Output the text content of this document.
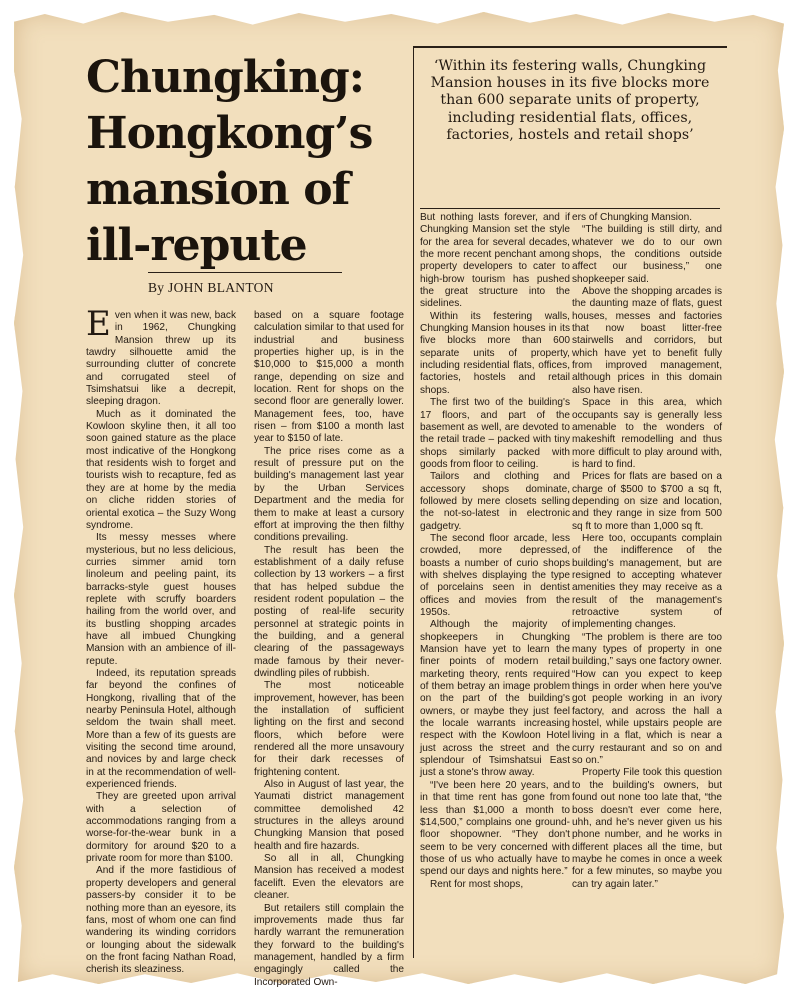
Chungking: Hongkong’s mansion of ill-repute

By JOHN BLANTON

‘Within its festering walls, Chungking Mansion houses in its five blocks more than 600 separate units of property, including residential flats, offices, factories, hostels and retail shops’

Even when it was new, back in 1962, Chungking Mansion threw up its tawdry silhouette amid the surrounding clutter of concrete and corrugated steel of Tsimshatsui like a decrepit, sleeping dragon.

Much as it dominated the Kowloon skyline then, it all too soon gained stature as the place most indicative of the Hongkong that residents wish to forget and tourists wish to recapture, fed as they are at home by the media on cliche ridden stories of oriental exotica – the Suzy Wong syndrome.

Its messy messes where mysterious, but no less delicious, curries simmer amid torn linoleum and peeling paint, its barracks-style guest houses replete with scruffy boarders hailing from the world over, and its bustling shopping arcades have all imbued Chungking Mansion with an ambience of ill-repute.

Indeed, its reputation spreads far beyond the confines of Hongkong, rivalling that of the nearby Peninsula Hotel, although seldom the twain shall meet. More than a few of its guests are visiting the second time around, and novices by and large check in at the recommendation of well-experienced friends.

They are greeted upon arrival with a selection of accommodations ranging from a worse-for-the-wear bunk in a dormitory for around $20 to a private room for more than $100.

And if the more fastidious of property developers and general passers-by consider it to be nothing more than an eyesore, its fans, most of whom one can find wandering its winding corridors or lounging about the sidewalk on the front facing Nathan Road, cherish its sleaziness.

based on a square footage calculation similar to that used for industrial and business properties higher up, is in the $10,000 to $15,000 a month range, depending on size and location. Rent for shops on the second floor are generally lower. Management fees, too, have risen – from $100 a month last year to $150 of late.

The price rises come as a result of pressure put on the building's management last year by the Urban Services Department and the media for them to make at least a cursory effort at improving the then filthy conditions prevailing.

The result has been the establishment of a daily refuse collection by 13 workers – a first that has helped subdue the resident rodent population – the posting of real-life security personnel at strategic points in the building, and a general clearing of the passageways made famous by their never-dwindling piles of rubbish.

The most noticeable improvement, however, has been the installation of sufficient lighting on the first and second floors, which before were rendered all the more unsavoury for their dark recesses of frightening content.

Also in August of last year, the Yaumati district management committee demolished 42 structures in the alleys around Chungking Mansion that posed health and fire hazards.

So all in all, Chungking Mansion has received a modest facelift. Even the elevators are cleaner.

But retailers still complain the improvements made thus far hardly warrant the remuneration they forward to the building's management, handled by a firm engagingly called the Incorporated Own-

But nothing lasts forever, and if Chungking Mansion set the style for the area for several decades, the more recent penchant among property developers to cater to high-brow tourism has pushed the great structure into the sidelines.

Within its festering walls, Chungking Mansion houses in its five blocks more than 600 separate units of property, including residential flats, offices, factories, hostels and retail shops.

The first two of the building's 17 floors, and part of the basement as well, are devoted to the retail trade – packed with tiny shops similarly packed with goods from floor to ceiling.

Tailors and clothing and accessory shops dominate, followed by mere closets selling the not-so-latest in electronic gadgetry.

The second floor arcade, less crowded, more depressed, boasts a number of curio shops with shelves displaying the type of porcelains seen in dentist offices and movies from the 1950s.

Although the majority of shopkeepers in Chungking Mansion have yet to learn the finer points of modern retail marketing theory, rents required of them betray an image problem on the part of the building's owners, or maybe they just feel the locale warrants increasing respect with the Kowloon Hotel just across the street and the splendour of Tsimshatsui East just a stone's throw away.

“I've been here 20 years, and in that time rent has gone from less than $1,000 a month to $14,500,” complains one ground-floor shopowner. “They don't seem to be very concerned with those of us who actually have to spend our days and nights here.”

Rent for most shops,

ers of Chungking Mansion.

“The building is still dirty, and whatever we do to our own shops, the conditions outside affect our business,” one shopkeeper said.

Above the shopping arcades is the daunting maze of flats, guest houses, messes and factories that now boast litter-free stairwells and corridors, but which have yet to benefit fully from improved management, although prices in this domain also have risen.

Space in this area, which occupants say is generally less amenable to the wonders of makeshift remodelling and thus more difficult to play around with, is hard to find.

Prices for flats are based on a charge of $500 to $700 a sq ft, depending on size and location, and they range in size from 500 sq ft to more than 1,000 sq ft.

Here too, occupants complain of the indifference of the building's management, but are resigned to accepting whatever amenities they may receive as a result of the management's retroactive system of implementing changes.

“The problem is there are too many types of property in one building,” says one factory owner. “How can you expect to keep things in order when here you've got people working in an ivory factory, and across the hall a hostel, while upstairs people are living in a flat, which is near a curry restaurant and so on and so on.”

Property File took this question to the building's owners, but found out none too late that, “the boss doesn't ever come here, uhh, and he's never given us his phone number, and he works in different places all the time, but maybe he comes in once a week for a few minutes, so maybe you can try again later.”
